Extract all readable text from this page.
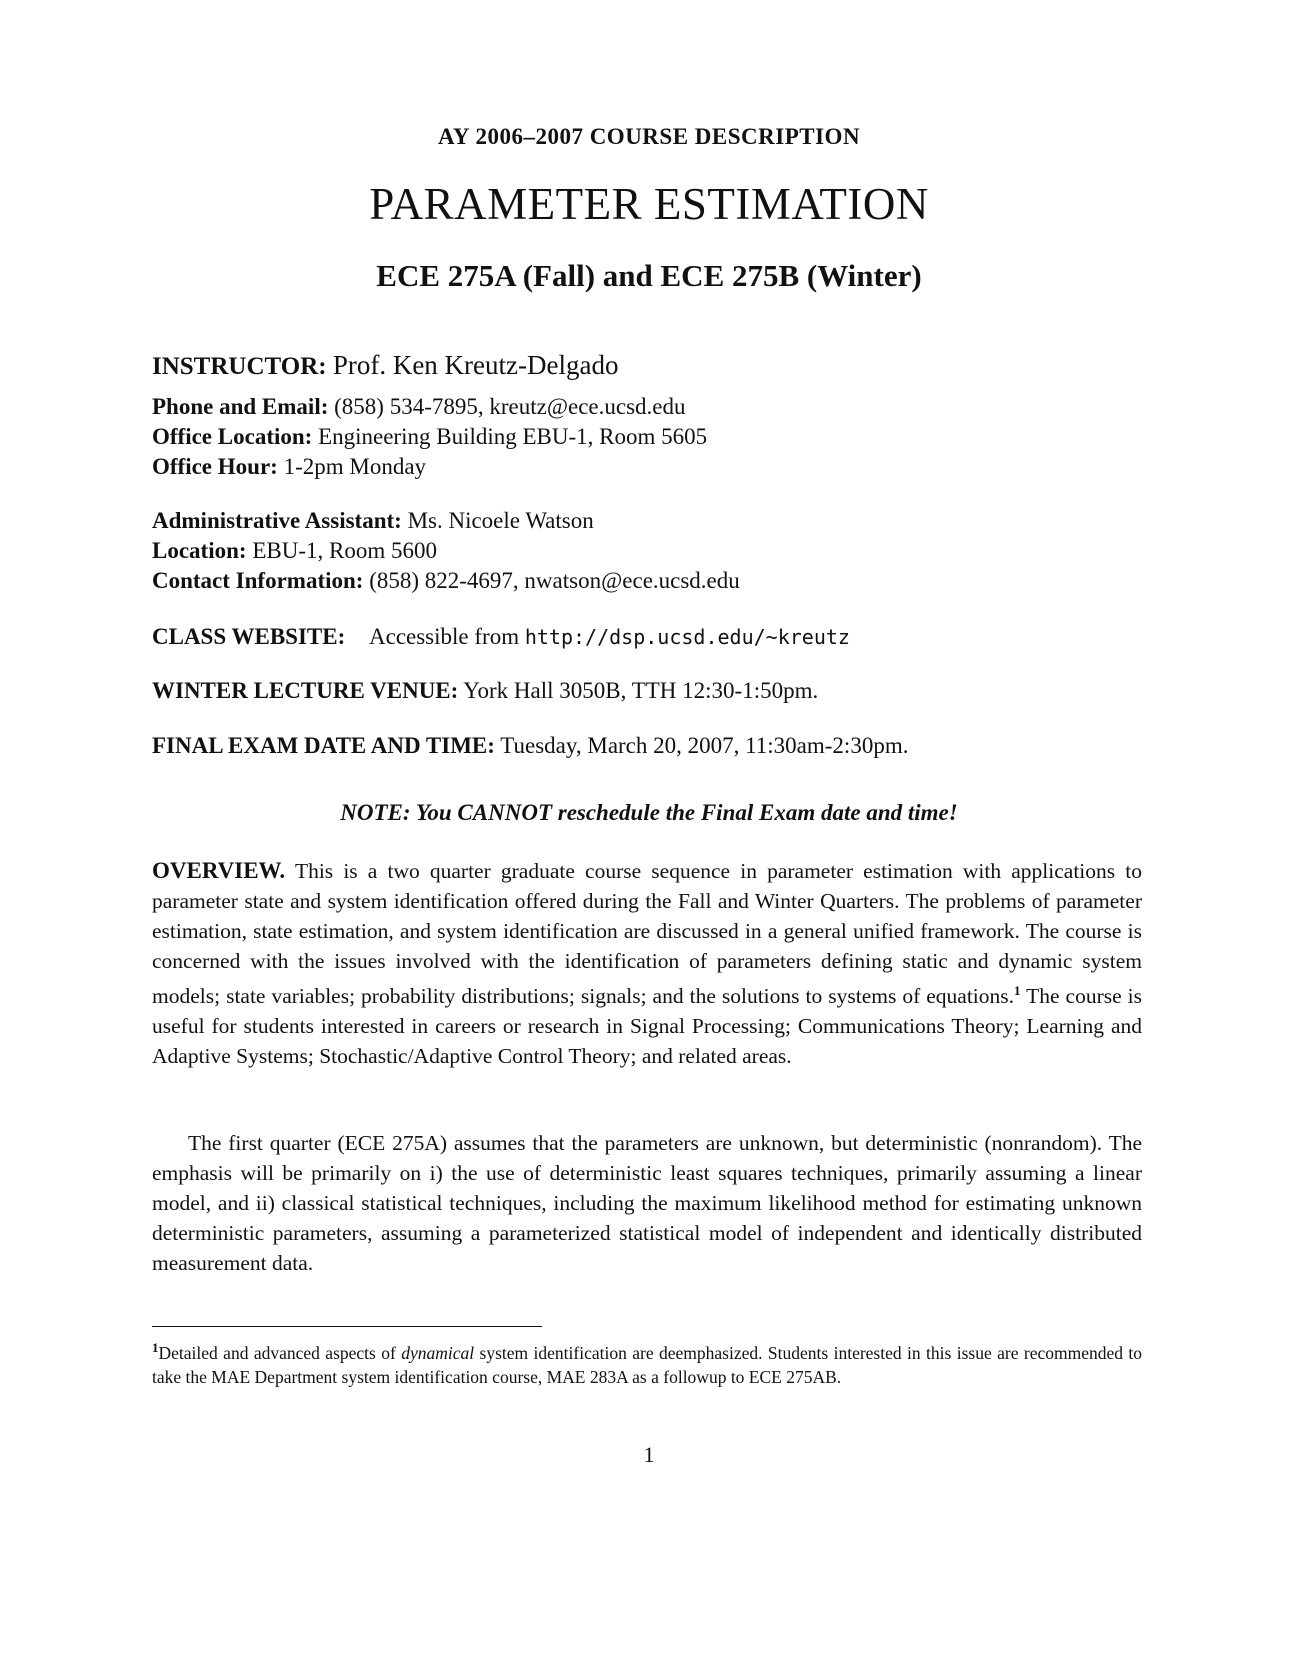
AY 2006–2007 COURSE DESCRIPTION
PARAMETER ESTIMATION
ECE 275A (Fall) and ECE 275B (Winter)
INSTRUCTOR: Prof. Ken Kreutz-Delgado
Phone and Email: (858) 534-7895, kreutz@ece.ucsd.edu
Office Location: Engineering Building EBU-1, Room 5605
Office Hour: 1-2pm Monday
Administrative Assistant: Ms. Nicoele Watson
Location: EBU-1, Room 5600
Contact Information: (858) 822-4697, nwatson@ece.ucsd.edu
CLASS WEBSITE: Accessible from http://dsp.ucsd.edu/~kreutz
WINTER LECTURE VENUE: York Hall 3050B, TTH 12:30-1:50pm.
FINAL EXAM DATE AND TIME: Tuesday, March 20, 2007, 11:30am-2:30pm.
NOTE: You CANNOT reschedule the Final Exam date and time!
OVERVIEW. This is a two quarter graduate course sequence in parameter estimation with applications to parameter state and system identification offered during the Fall and Winter Quarters. The problems of parameter estimation, state estimation, and system identification are discussed in a general unified framework. The course is concerned with the issues involved with the identification of parameters defining static and dynamic system models; state variables; probability distributions; signals; and the solutions to systems of equations.$^1$ The course is useful for students interested in careers or research in Signal Processing; Communications Theory; Learning and Adaptive Systems; Stochastic/Adaptive Control Theory; and related areas.
The first quarter (ECE 275A) assumes that the parameters are unknown, but deterministic (nonrandom). The emphasis will be primarily on i) the use of deterministic least squares techniques, primarily assuming a linear model, and ii) classical statistical techniques, including the maximum likelihood method for estimating unknown deterministic parameters, assuming a parameterized statistical model of independent and identically distributed measurement data.
$^1$Detailed and advanced aspects of dynamical system identification are deemphasized. Students interested in this issue are recommended to take the MAE Department system identification course, MAE 283A as a followup to ECE 275AB.
1
